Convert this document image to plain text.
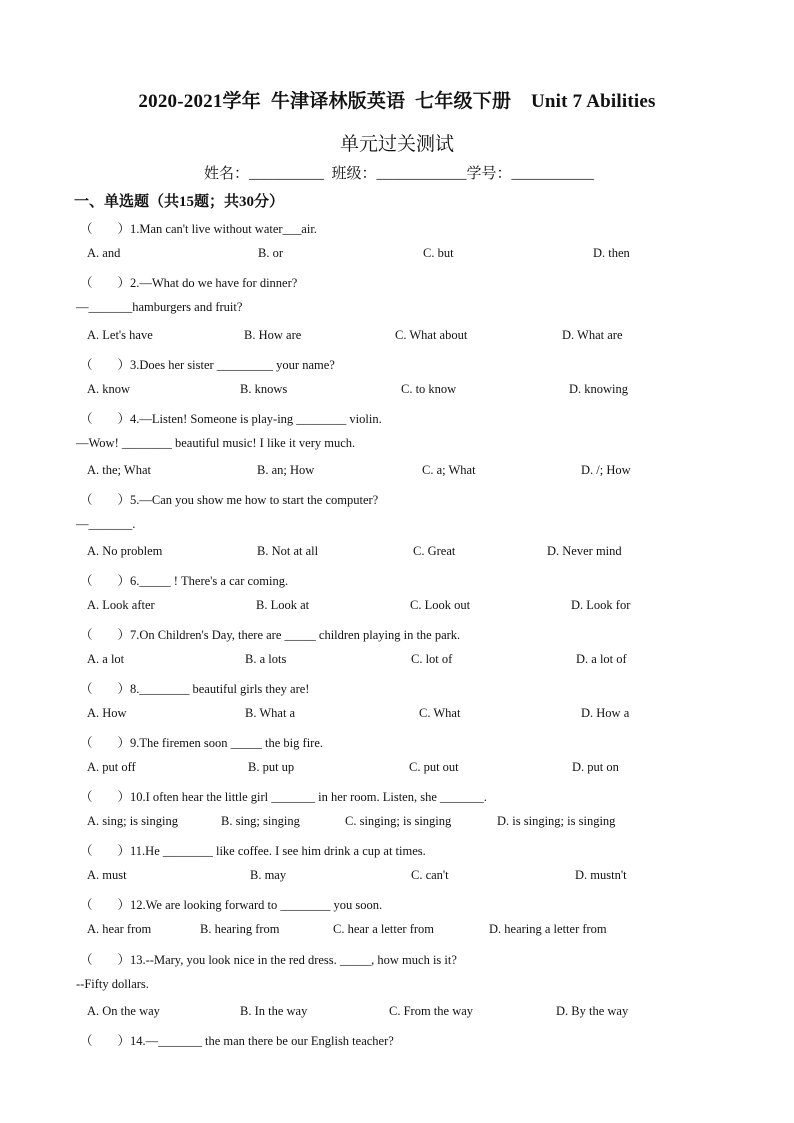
2020-2021学年  牛津译林版英语  七年级下册    Unit 7 Abilities
单元过关测试
姓名：__________  班级：____________学号：___________
一、单选题（共15题；共30分）
（        ）1.Man can't live without water___air.
A. and	B. or	C. but	D. then
（        ）2.—What do we have for dinner?
—_______hamburgers and fruit?
A. Let's have	B. How are	C. What about	D. What are
（        ）3.Does her sister _________ your name?
A. know	B. knows	C. to know	D. knowing
（        ）4.—Listen! Someone is play-ing ________ violin.
—Wow! ________ beautiful music! I like it very much.
A. the; What	B. an; How	C. a; What	D. /; How
（        ）5.—Can you show me how to start the computer?
—_______.
A. No problem	B. Not at all	C. Great	D. Never mind
（        ）6._____ ! There's a car coming.
A. Look after	B. Look at	C. Look out	D. Look for
（        ）7.On Children's Day, there are _____ children playing in the park.
A. a lot	B. a lots	C. lot of	D. a lot of
（        ）8.________ beautiful girls they are!
A. How	B. What a	C. What	D. How a
（        ）9.The firemen soon _____ the big fire.
A. put off	B. put up	C. put out	D. put on
（        ）10.I often hear the little girl _______ in her room. Listen, she _______.
A. sing; is singing	B. sing; singing	C. singing; is singing	D. is singing; is singing
（        ）11.He ________ like coffee. I see him drink a cup at times.
A. must	B. may	C. can't	D. mustn't
（        ）12.We are looking forward to ________ you soon.
A. hear from	B. hearing from	C. hear a letter from	D. hearing a letter from
（        ）13.--Mary, you look nice in the red dress. _____, how much is it?
--Fifty dollars.
A. On the way	B. In the way	C. From the way	D. By the way
（        ）14.—_______ the man there be our English teacher?
